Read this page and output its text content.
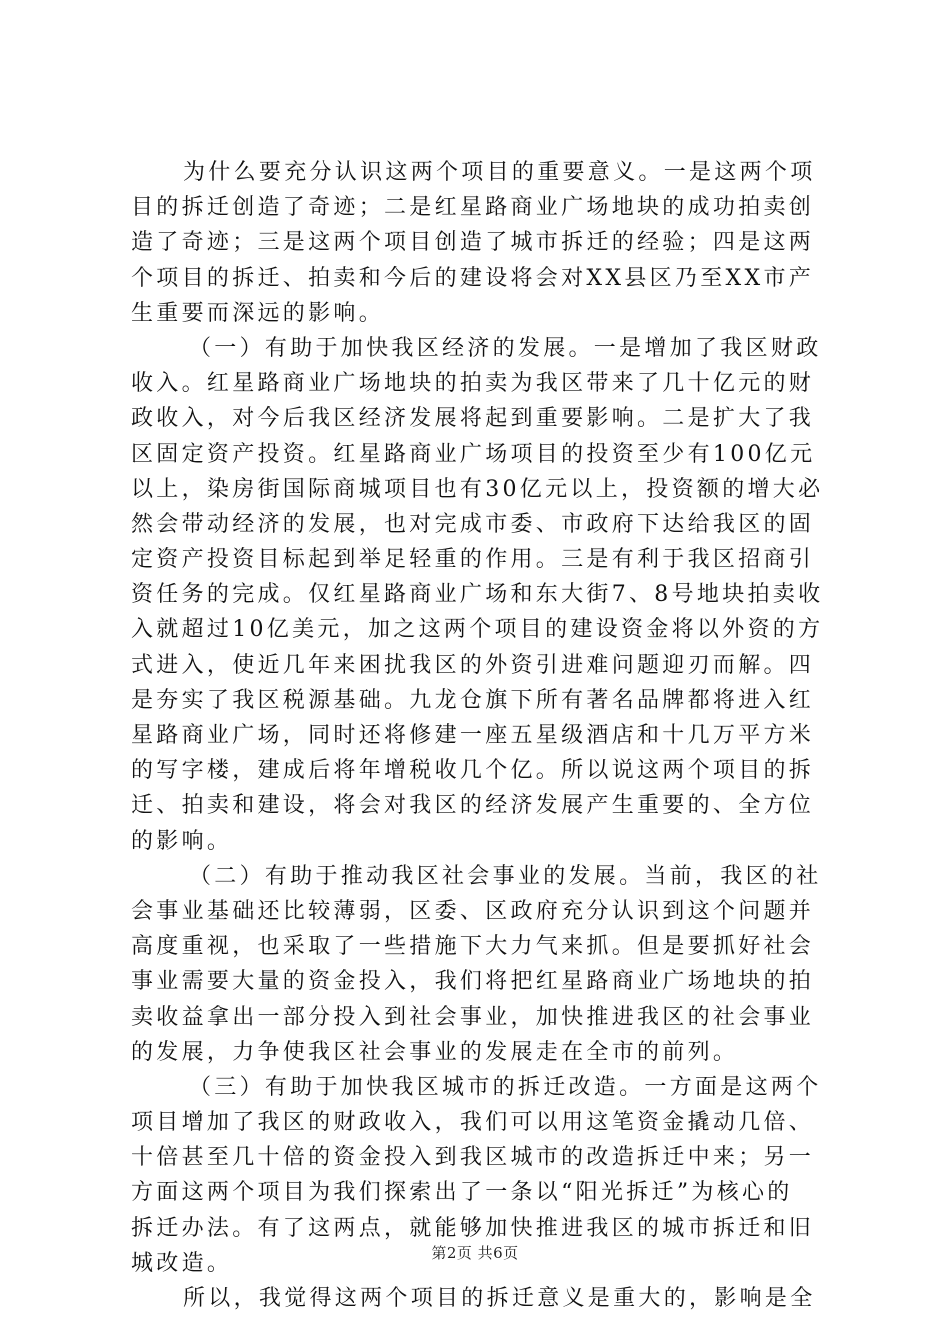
为什么要充分认识这两个项目的重要意义。一是这两个项
目的拆迁创造了奇迹；二是红星路商业广场地块的成功拍卖创
造了奇迹；三是这两个项目创造了城市拆迁的经验；四是这两
个项目的拆迁、拍卖和今后的建设将会对XX县区乃至XX市产
生重要而深远的影响。
（一）有助于加快我区经济的发展。一是增加了我区财政
收入。红星路商业广场地块的拍卖为我区带来了几十亿元的财
政收入，对今后我区经济发展将起到重要影响。二是扩大了我
区固定资产投资。红星路商业广场项目的投资至少有100亿元
以上，染房街国际商城项目也有30亿元以上，投资额的增大必
然会带动经济的发展，也对完成市委、市政府下达给我区的固
定资产投资目标起到举足轻重的作用。三是有利于我区招商引
资任务的完成。仅红星路商业广场和东大街7、8号地块拍卖收
入就超过10亿美元，加之这两个项目的建设资金将以外资的方
式进入，使近几年来困扰我区的外资引进难问题迎刃而解。四
是夯实了我区税源基础。九龙仓旗下所有著名品牌都将进入红
星路商业广场，同时还将修建一座五星级酒店和十几万平方米
的写字楼，建成后将年增税收几个亿。所以说这两个项目的拆
迁、拍卖和建设，将会对我区的经济发展产生重要的、全方位
的影响。
（二）有助于推动我区社会事业的发展。当前，我区的社
会事业基础还比较薄弱，区委、区政府充分认识到这个问题并
高度重视，也采取了一些措施下大力气来抓。但是要抓好社会
事业需要大量的资金投入，我们将把红星路商业广场地块的拍
卖收益拿出一部分投入到社会事业，加快推进我区的社会事业
的发展，力争使我区社会事业的发展走在全市的前列。
（三）有助于加快我区城市的拆迁改造。一方面是这两个
项目增加了我区的财政收入，我们可以用这笔资金撬动几倍、
十倍甚至几十倍的资金投入到我区城市的改造拆迁中来；另一
方面这两个项目为我们探索出了一条以“阳光拆迁”为核心的
拆迁办法。有了这两点，就能够加快推进我区的城市拆迁和旧
城改造。
所以，我觉得这两个项目的拆迁意义是重大的，影响是全
第2页 共6页
